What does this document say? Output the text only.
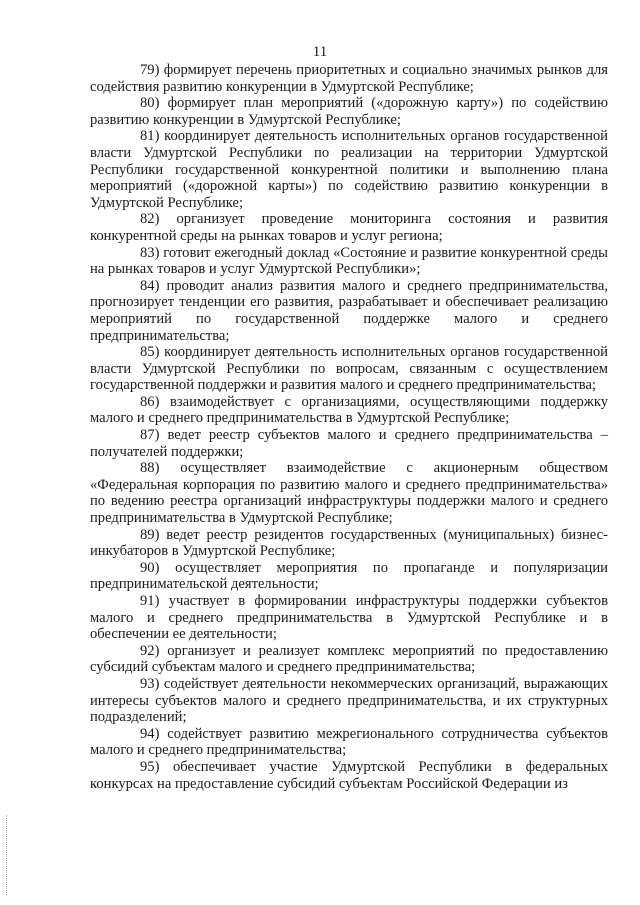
11

79) формирует перечень приоритетных и социально значимых рынков для содействия развитию конкуренции в Удмуртской Республике;

80) формирует план мероприятий («дорожную карту») по содействию развитию конкуренции в Удмуртской Республике;

81) координирует деятельность исполнительных органов государственной власти Удмуртской Республики по реализации на территории Удмуртской Республики государственной конкурентной политики и выполнению плана мероприятий («дорожной карты») по содействию развитию конкуренции в Удмуртской Республике;

82) организует проведение мониторинга состояния и развития конкурентной среды на рынках товаров и услуг региона;

83) готовит ежегодный доклад «Состояние и развитие конкурентной среды на рынках товаров и услуг Удмуртской Республики»;

84) проводит анализ развития малого и среднего предпринимательства, прогнозирует тенденции его развития, разрабатывает и обеспечивает реализацию мероприятий по государственной поддержке малого и среднего предпринимательства;

85) координирует деятельность исполнительных органов государственной власти Удмуртской Республики по вопросам, связанным с осуществлением государственной поддержки и развития малого и среднего предпринимательства;

86) взаимодействует с организациями, осуществляющими поддержку малого и среднего предпринимательства в Удмуртской Республике;

87) ведет реестр субъектов малого и среднего предпринимательства – получателей поддержки;

88) осуществляет взаимодействие с акционерным обществом «Федеральная корпорация по развитию малого и среднего предпринимательства» по ведению реестра организаций инфраструктуры поддержки малого и среднего предпринимательства в Удмуртской Республике;

89) ведет реестр резидентов государственных (муниципальных) бизнес-инкубаторов в Удмуртской Республике;

90) осуществляет мероприятия по пропаганде и популяризации предпринимательской деятельности;

91) участвует в формировании инфраструктуры поддержки субъектов малого и среднего предпринимательства в Удмуртской Республике и в обеспечении ее деятельности;

92) организует и реализует комплекс мероприятий по предоставлению субсидий субъектам малого и среднего предпринимательства;

93) содействует деятельности некоммерческих организаций, выражающих интересы субъектов малого и среднего предпринимательства, и их структурных подразделений;

94) содействует развитию межрегионального сотрудничества субъектов малого и среднего предпринимательства;

95) обеспечивает участие Удмуртской Республики в федеральных конкурсах на предоставление субсидий субъектам Российской Федерации из
